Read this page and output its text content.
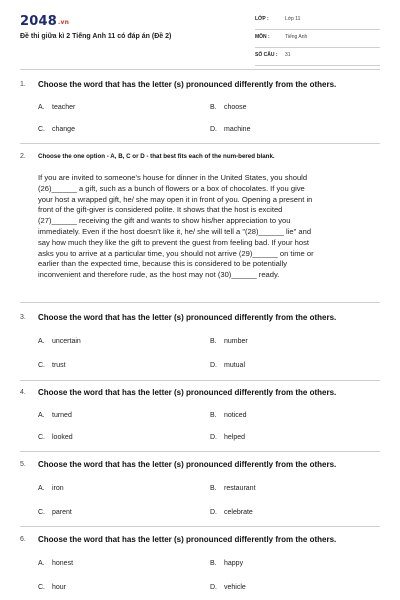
2048.vn
Đề thi giữa kì 2 Tiếng Anh 11 có đáp án (Đề 2)
LỚP :	Lớp 11
MÔN :	Tiếng Anh
SỐ CÂU : 31
1. Choose the word that has the letter (s) pronounced differently from the others.
A. teacher	B. choose
C. change	D. machine
2. Choose the one option - A, B, C or D - that best fits each of the num-bered blank.

If you are invited to someone's house for dinner in the United States, you should

(26)______ a gift, such as a bunch of flowers or a box of chocolates. If you give

your host a wrapped gift, he/ she may open it in front of you. Opening a present in

front of the gift-giver is considered polite. It shows that the host is excited

(27)______ receiving the gift and wants to show his/her appreciation to you

immediately. Even if the host doesn't like it, he/ she will tell a "(28)______ lie" and

say how much they like the gift to prevent the guest from feeling bad. If your host

asks you to arrive at a particular time, you should not arrive (29)______ on time or

earlier than the expected time, because this is considered to be potentially

inconvenient and therefore rude, as the host may not (30)______ ready.

3. Choose the word that has the letter (s) pronounced differently from the others.
A. uncertain	B. number
C. trust	D. mutual
4. Choose the word that has the letter (s) pronounced differently from the others.
A. turned	B. noticed
C. looked	D. helped
5. Choose the word that has the letter (s) pronounced differently from the others.
A. iron	B. restaurant
C. parent	D. celebrate
6. Choose the word that has the letter (s) pronounced differently from the others.
A. honest	B. happy
C. hour	D. vehicle
